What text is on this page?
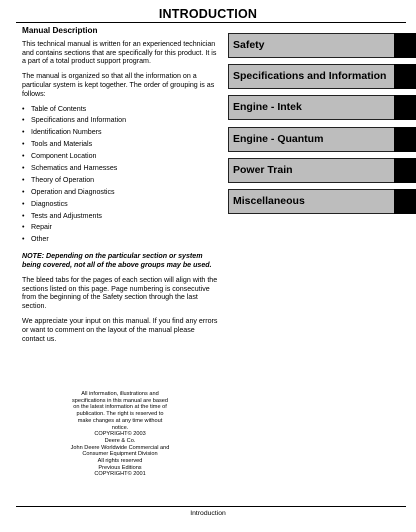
INTRODUCTION
Manual Description

This technical manual is written for an experienced technician and contains sections that are specifically for this product. It is a part of a total product support program.

The manual is organized so that all the information on a particular system is kept together. The order of grouping is as follows:

• Table of Contents
• Specifications and Information
• Identification Numbers
• Tools and Materials
• Component Location
• Schematics and Harnesses
• Theory of Operation
• Operation and Diagnostics
• Diagnostics
• Tests and Adjustments
• Repair
• Other

NOTE: Depending on the particular section or system being covered, not all of the above groups may be used.

The bleed tabs for the pages of each section will align with the sections listed on this page. Page numbering is consecutive from the beginning of the Safety section through the last section.

We appreciate your input on this manual. If you find any errors or want to comment on the layout of the manual please contact us.

All information, illustrations and
specifications in this manual are based
on the latest information at the time of
publication. The right is reserved to
make changes at any time without
notice.
COPYRIGHT© 2003
Deere & Co.
John Deere Worldwide Commercial and
Consumer Equipment Division
All rights reserved
Previous Editions
COPYRIGHT© 2001
Safety
Specifications and Information
Engine - Intek
Engine - Quantum
Power Train
Miscellaneous
Introduction
